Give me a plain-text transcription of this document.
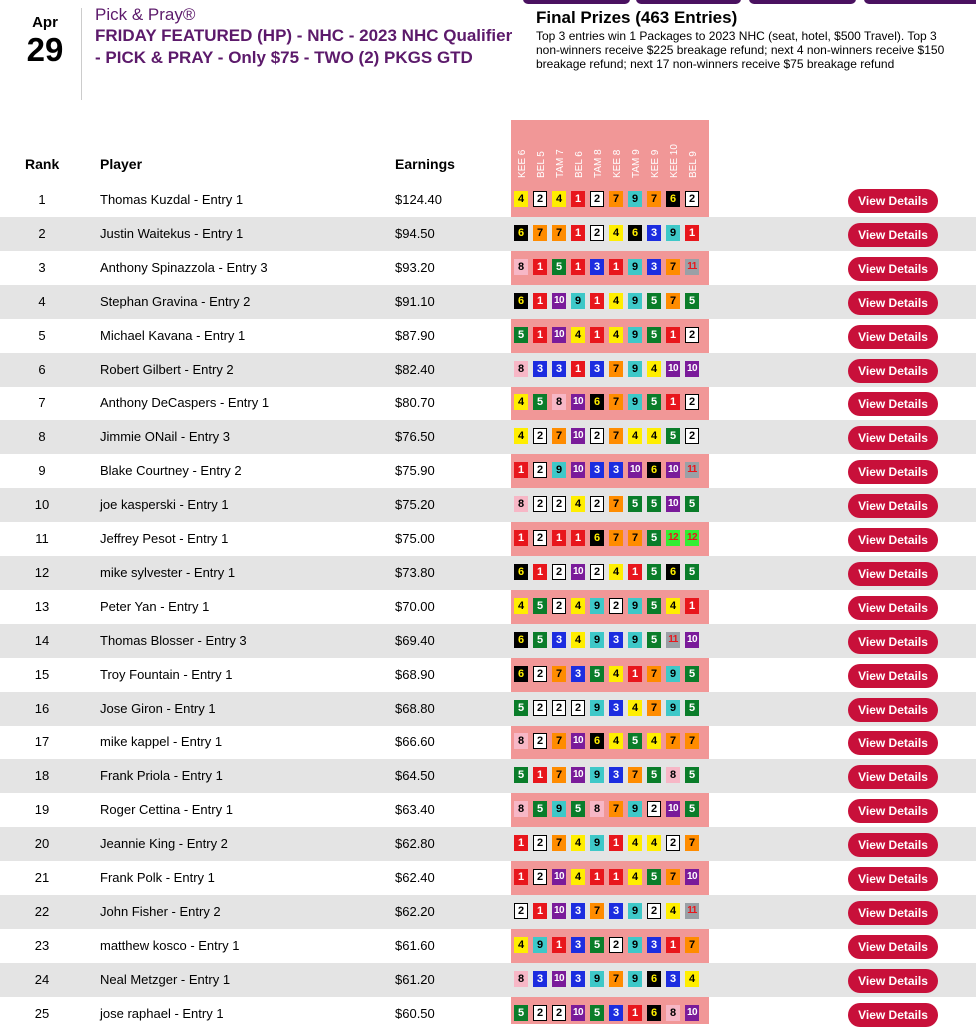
Apr
29
Pick & Pray®
FRIDAY FEATURED (HP) - NHC - 2023 NHC Qualifier - PICK & PRAY - Only $75 - TWO (2) PKGS GTD
Final Prizes (463 Entries)

Top 3 entries win 1 Packages to 2023 NHC (seat, hotel, $500 Travel). Top 3 non-winners receive $225 breakage refund; next 4 non-winners receive $150 breakage refund; next 17 non-winners receive $75 breakage refund

KEE 6 BEL 5 TAM 7 BEL 6 TAM 8 KEE 8 TAM 9 KEE 9 KEE 10 BEL 9
Rank	Player	Earnings
1	Thomas Kuzdal - Entry 1	$124.40	4	2	4	1	2	7	9	7	6	2	View Details
2	Justin Waitekus - Entry 1	$94.50	6	7	7	1	2	4	6	3	9	1	View Details
3	Anthony Spinazzola - Entry 3	$93.20	8	1	5	1	3	1	9	3	7	11	View Details
4	Stephan Gravina - Entry 2	$91.10	6	1	10 9	1	4	9	5	7	5	View Details
5	Michael Kavana - Entry 1	$87.90	5	1	10 4	1	4	9	5	1	2	View Details
6	Robert Gilbert - Entry 2	$82.40	8	3	3	1	3	7	9	4	10 10	View Details
7	Anthony DeCaspers - Entry 1	$80.70	4	5	8	10 6	7	9	5	1	2	View Details
8	Jimmie ONail - Entry 3	$76.50	4	2	7	10 2	7	4	4	5	2	View Details
9	Blake Courtney - Entry 2	$75.90	1	2	9	10 3	3	10 6	10 11	View Details
10	joe kasperski - Entry 1	$75.20	8	2	2	4	2	7	5	5	10 5	View Details
11	Jeffrey Pesot - Entry 1	$75.00	1	2	1	1	6	7	7	5	12 12	View Details
12	mike sylvester - Entry 1	$73.80	6	1	2	10 2	4	1	5	6	5	View Details
13	Peter Yan - Entry 1	$70.00	4	5	2	4	9	2	9	5	4	1	View Details
14	Thomas Blosser - Entry 3	$69.40	6	5	3	4	9	3	9	5	11 10	View Details
15	Troy Fountain - Entry 1	$68.90	6	2	7	3	5	4	1	7	9	5	View Details
16	Jose Giron - Entry 1	$68.80	5	2	2	2	9	3	4	7	9	5	View Details
17	mike kappel - Entry 1	$66.60	8	2	7	10 6	4	5	4	7	7	View Details
18	Frank Priola - Entry 1	$64.50	5	1	7	10 9	3	7	5	8	5	View Details
19	Roger Cettina - Entry 1	$63.40	8	5	9	5	8	7	9	2	10 5	View Details
20	Jeannie King - Entry 2	$62.80	1	2	7	4	9	1	4	4	2	7	View Details
21	Frank Polk - Entry 1	$62.40	1	2	10 4	1	1	4	5	7	10	View Details
22	John Fisher - Entry 2	$62.20	2	1	10 3	7	3	9	2	4	11	View Details
23	matthew kosco - Entry 1	$61.60	4	9	1	3	5	2	9	3	1	7	View Details
24	Neal Metzger - Entry 1	$61.20	8	3	10 3	9	7	9	6	3	4	View Details
25	jose raphael - Entry 1	$60.50	5	2	2	10 5	3	1	6	8	10	View Details
